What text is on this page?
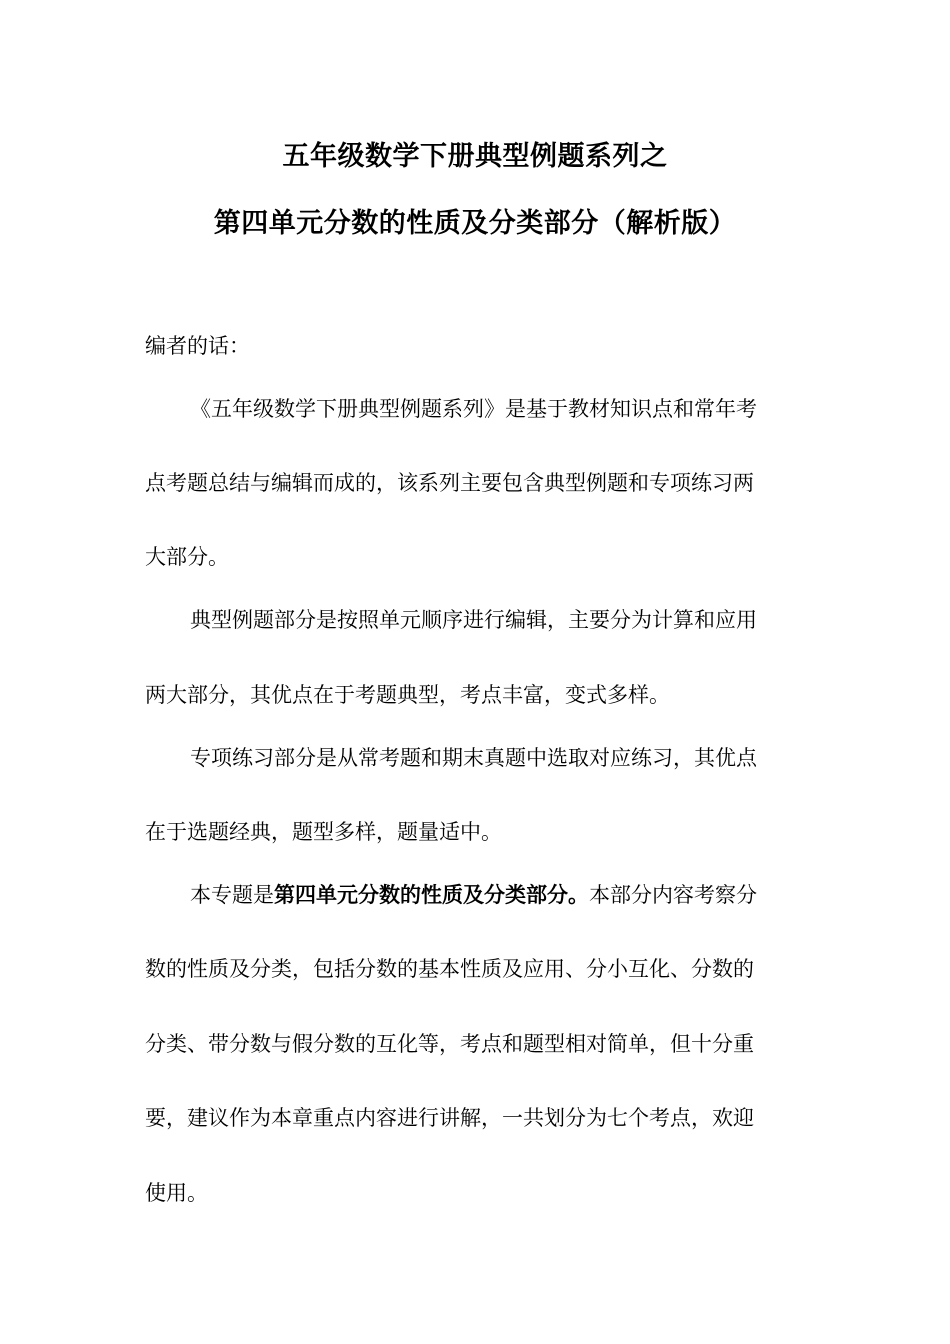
五年级数学下册典型例题系列之
第四单元分数的性质及分类部分（解析版）
编者的话：
《五年级数学下册典型例题系列》是基于教材知识点和常年考
点考题总结与编辑而成的，该系列主要包含典型例题和专项练习两
大部分。
典型例题部分是按照单元顺序进行编辑，主要分为计算和应用
两大部分，其优点在于考题典型，考点丰富，变式多样。
专项练习部分是从常考题和期末真题中选取对应练习，其优点
在于选题经典，题型多样，题量适中。
本专题是第四单元分数的性质及分类部分。本部分内容考察分
数的性质及分类，包括分数的基本性质及应用、分小互化、分数的
分类、带分数与假分数的互化等，考点和题型相对简单，但十分重
要，建议作为本章重点内容进行讲解，一共划分为七个考点，欢迎
使用。
